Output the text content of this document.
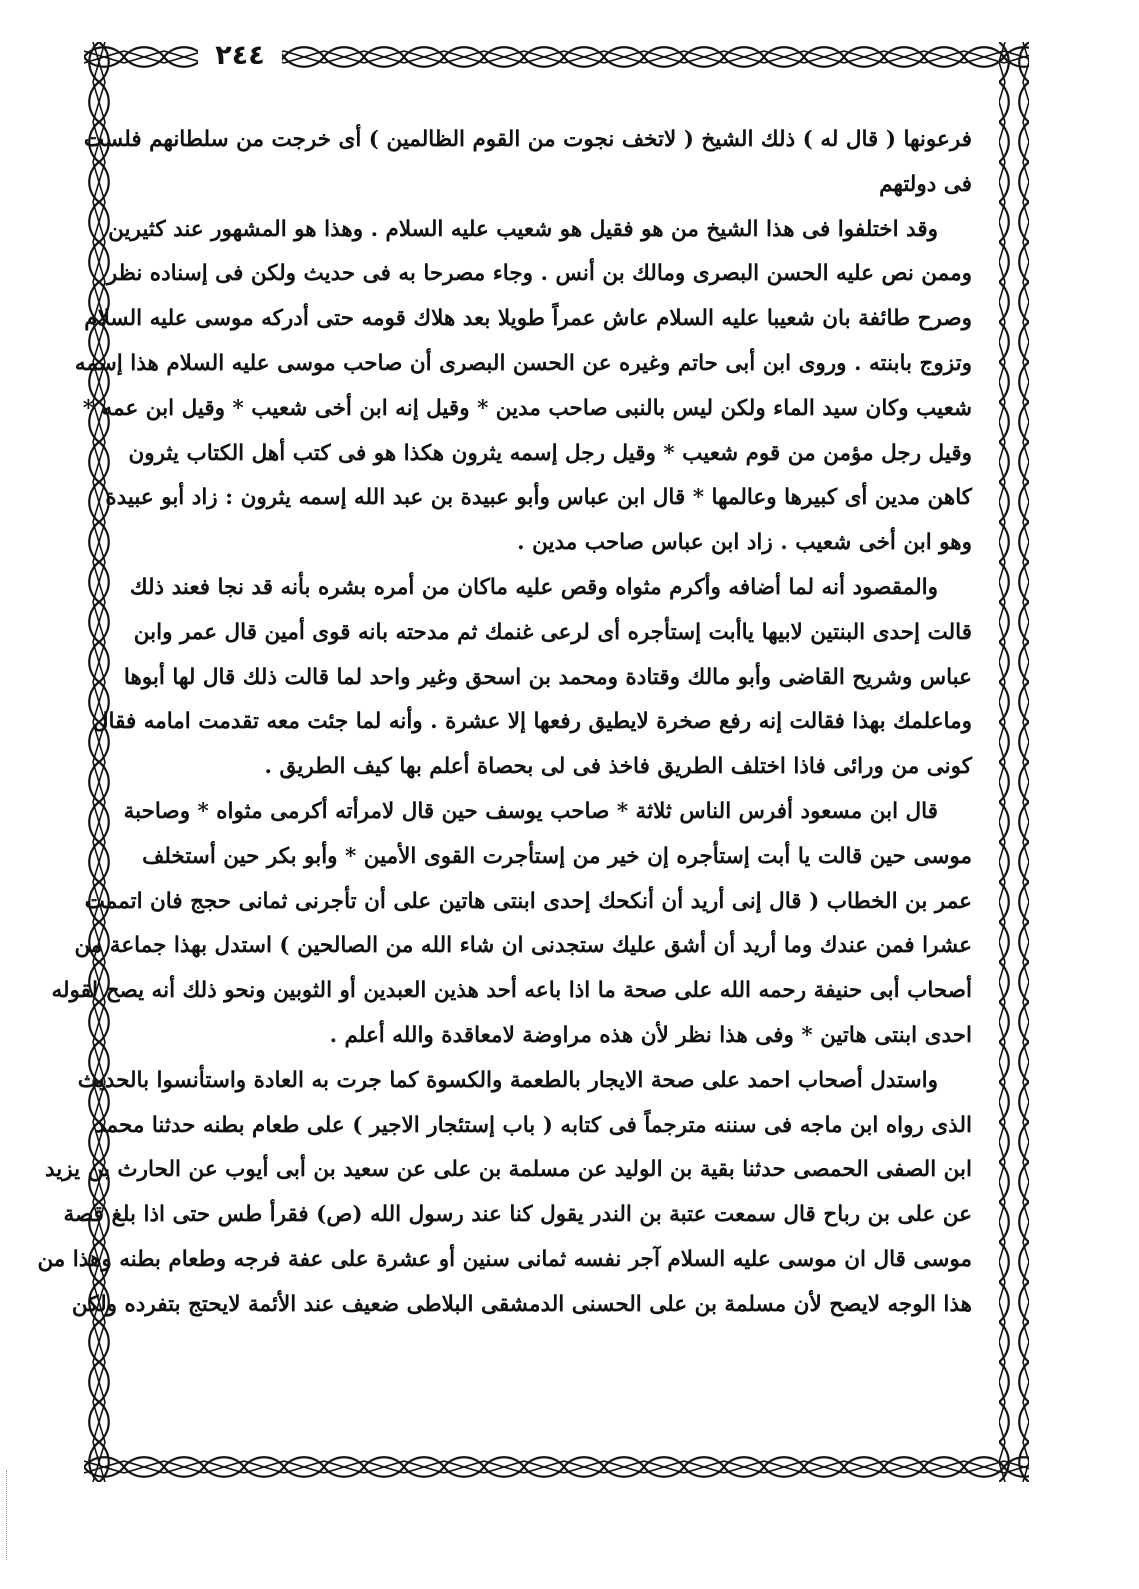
٢٤٤
فرعونها ( قال له ) ذلك الشيخ ( لاتخف نجوت من القوم الظالمين ) أى خرجت من سلطانهم فلست
فى دولتهم
وقد اختلفوا فى هذا الشيخ من هو فقيل هو شعيب عليه السلام . وهذا هو المشهور عند كثيرين
وممن نص عليه الحسن البصرى ومالك بن أنس . وجاء مصرحا به فى حديث ولكن فى إسناده نظر
وصرح طائفة بان شعيبا عليه السلام عاش عمراً طويلا بعد هلاك قومه حتى أدركه موسى عليه السلام
وتزوج بابنته . وروى ابن أبى حاتم وغيره عن الحسن البصرى أن صاحب موسى عليه السلام هذا إسمه
شعيب وكان سيد الماء ولكن ليس بالنبى صاحب مدين * وقيل إنه ابن أخى شعيب * وقيل ابن عمه *
وقيل رجل مؤمن من قوم شعيب * وقيل رجل إسمه يثرون هكذا هو فى كتب أهل الكتاب يثرون
كاهن مدين أى كبيرها وعالمها * قال ابن عباس وأبو عبيدة بن عبد الله إسمه يثرون : زاد أبو عبيدة
وهو ابن أخى شعيب . زاد ابن عباس صاحب مدين .
والمقصود أنه لما أضافه وأكرم مثواه وقص عليه ماكان من أمره بشره بأنه قد نجا فعند ذلك
قالت إحدى البنتين لابيها ياأبت إستأجره أى لرعى غنمك ثم مدحته بانه قوى أمين قال عمر وابن
عباس وشريح القاضى وأبو مالك وقتادة ومحمد بن اسحق وغير واحد لما قالت ذلك قال لها أبوها
وماعلمك بهذا فقالت إنه رفع صخرة لايطيق رفعها إلا عشرة . وأنه لما جئت معه تقدمت امامه فقال
كونى من ورائى فاذا اختلف الطريق فاخذ فى لى بحصاة أعلم بها كيف الطريق .
قال ابن مسعود أفرس الناس ثلاثة * صاحب يوسف حين قال لامرأته أكرمى مثواه * وصاحبة
موسى حين قالت يا أبت إستأجره إن خير من إستأجرت القوى الأمين * وأبو بكر حين أستخلف
عمر بن الخطاب ( قال إنى أريد أن أنكحك إحدى ابنتى هاتين على أن تأجرنى ثمانى حجج فان اتممت
عشرا فمن عندك وما أريد أن أشق عليك ستجدنى ان شاء الله من الصالحين ) استدل بهذا جماعة من
أصحاب أبى حنيفة رحمه الله على صحة ما اذا باعه أحد هذين العبدين أو الثوبين ونحو ذلك أنه يصح لقوله
احدى ابنتى هاتين * وفى هذا نظر لأن هذه مراوضة لامعاقدة والله أعلم .
واستدل أصحاب احمد على صحة الايجار بالطعمة والكسوة كما جرت به العادة واستأنسوا بالحديث
الذى رواه ابن ماجه فى سننه مترجماً فى كتابه ( باب إستئجار الاجير ) على طعام بطنه حدثنا محمد
ابن الصفى الحمصى حدثنا بقية بن الوليد عن مسلمة بن على عن سعيد بن أبى أيوب عن الحارث بن يزيد
عن على بن رباح قال سمعت عتبة بن الندر يقول كنا عند رسول الله (ص) فقرأ طس حتى اذا بلغ قصة
موسى قال ان موسى عليه السلام آجر نفسه ثمانى سنين أو عشرة على عفة فرجه وطعام بطنه وهذا من
هذا الوجه لايصح لأن مسلمة بن على الحسنى الدمشقى البلاطى ضعيف عند الأئمة لايحتج بتفرده ولكن
